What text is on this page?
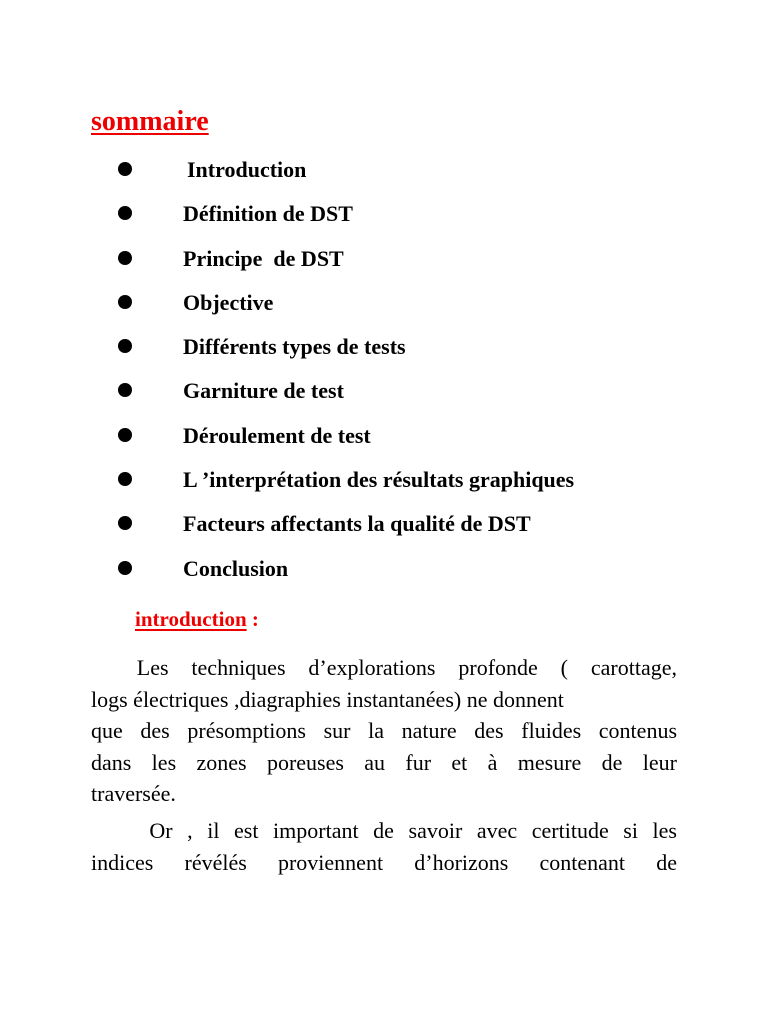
sommaire
Introduction
Définition de DST
Principe  de DST
Objective
Différents types de tests
Garniture de test
Déroulement de test
L ’interprétation des résultats graphiques
Facteurs affectants la qualité de DST
Conclusion
introduction :

Les techniques d’explorations profonde ( carottage,
logs électriques ,diagraphies instantanées) ne donnent
que des présomptions sur la nature des fluides contenus
dans les zones poreuses au fur et à mesure de leur
traversée.

Or , il est important de savoir avec certitude si les
indices révélés proviennent d’horizons contenant de
